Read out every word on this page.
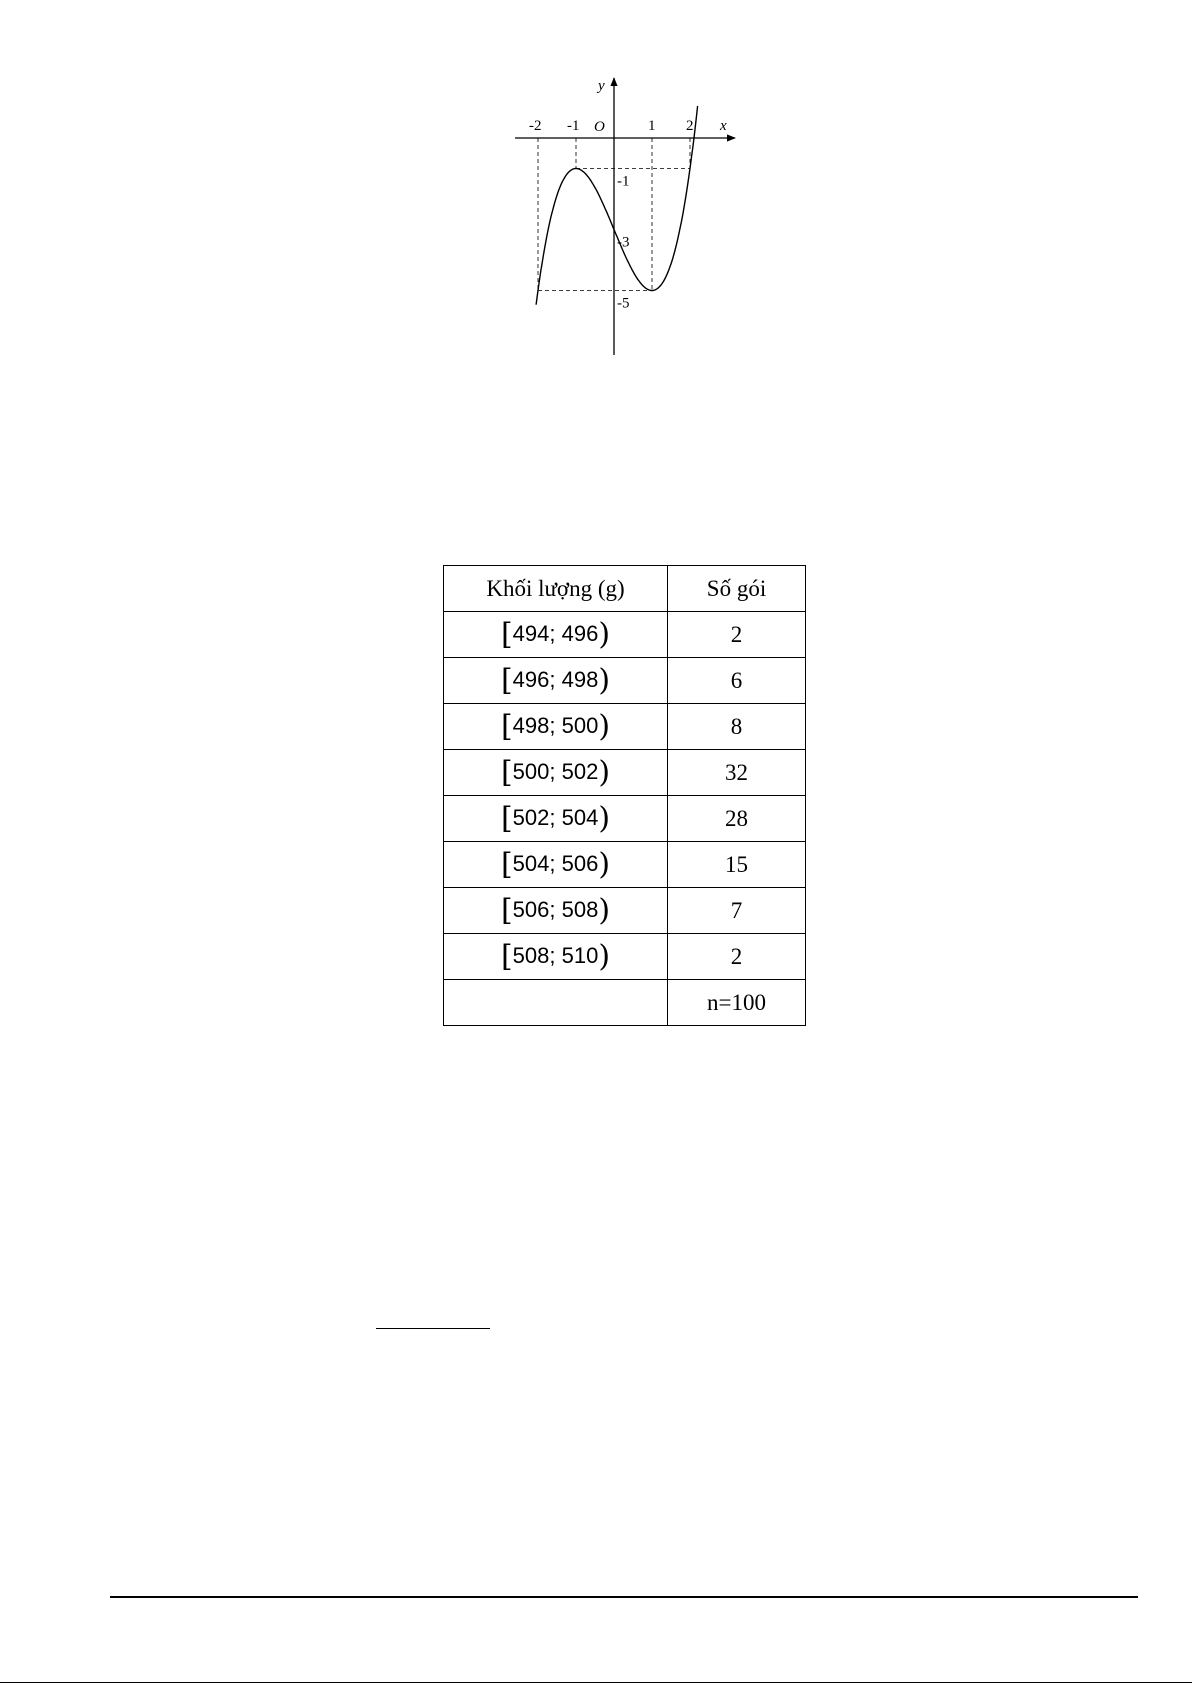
-2 -1	1 2
-1
-3
-5
x
y
O
Khối lượng (g)	Số gói
[494; 496)	2
[496; 498)	6
[498; 500)	8
[500; 502)	32
[502; 504)	28
[504; 506)	15
[506; 508)	7
[508; 510)	2
	n=100
